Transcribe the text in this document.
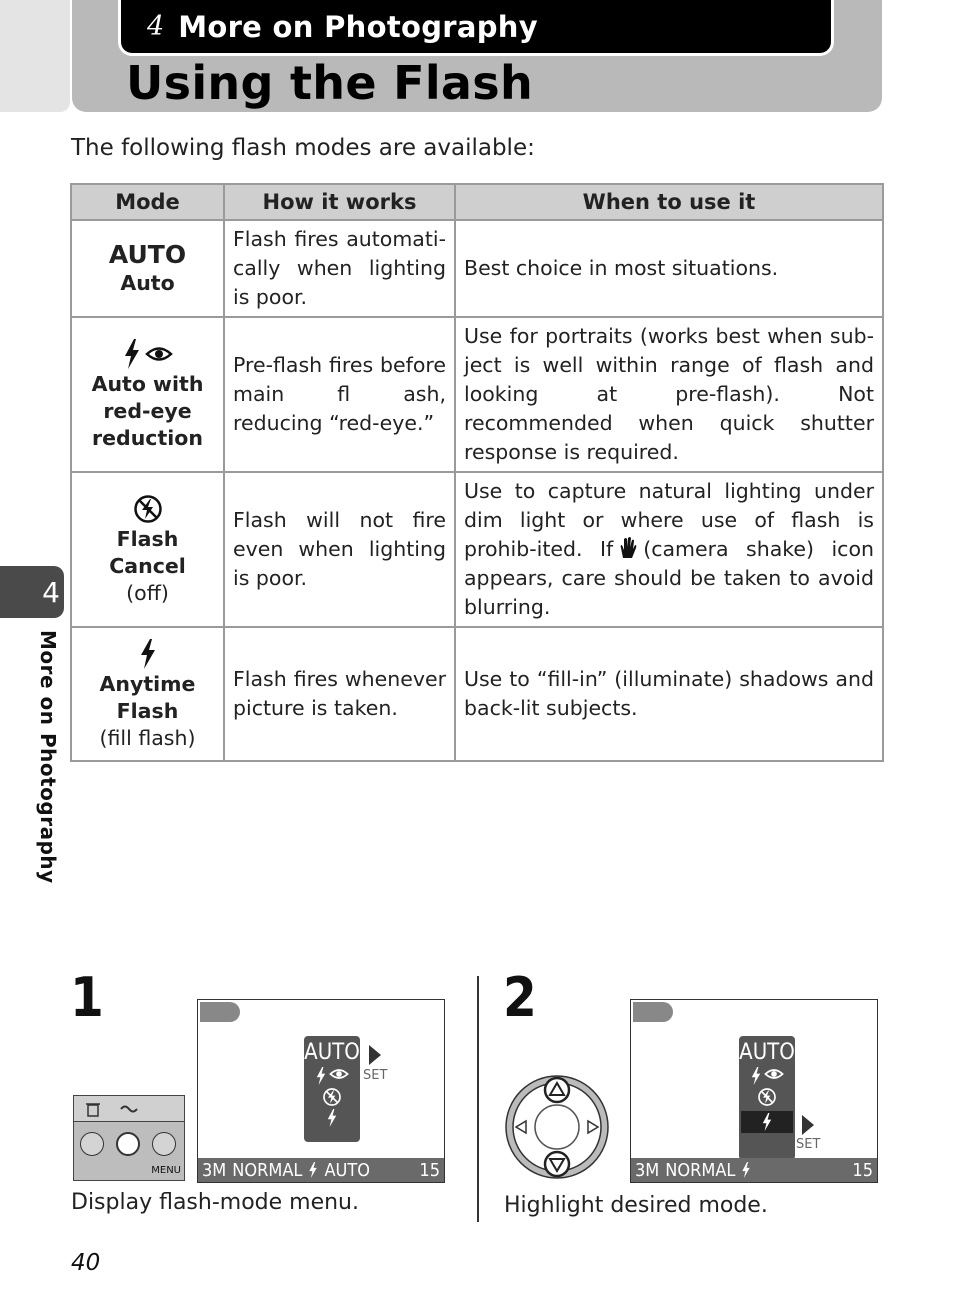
4 More on Photography
Using the Flash

The following flash modes are available:

Mode	How it works	When to use it

AUTO
Auto	Flash fires automati-cally when lighting is poor.	Best choice in most situations.

Auto with red-eye reduction	Pre-flash fires before main fl ash, reducing “red-eye.”	Use for portraits (works best when sub-ject is well within range of flash and looking at pre-flash). Not recommended when quick shutter response is required.

Flash Cancel
(off)	Flash will not fire even when lighting is poor.	Use to capture natural lighting under dim light or where use of flash is prohib-ited. If (camera shake) icon appears, care should be taken to avoid blurring.

Anytime Flash
(fill flash)	Flash fires whenever picture is taken.	Use to “fill-in” (illuminate) shadows and back-lit subjects.
4
More on Photography
1
MENU
AUTO
SET
3M NORMAL AUTO	15
Display flash-mode menu.
2
AUTO
SET
3M NORMAL	15
Highlight desired mode.
40
